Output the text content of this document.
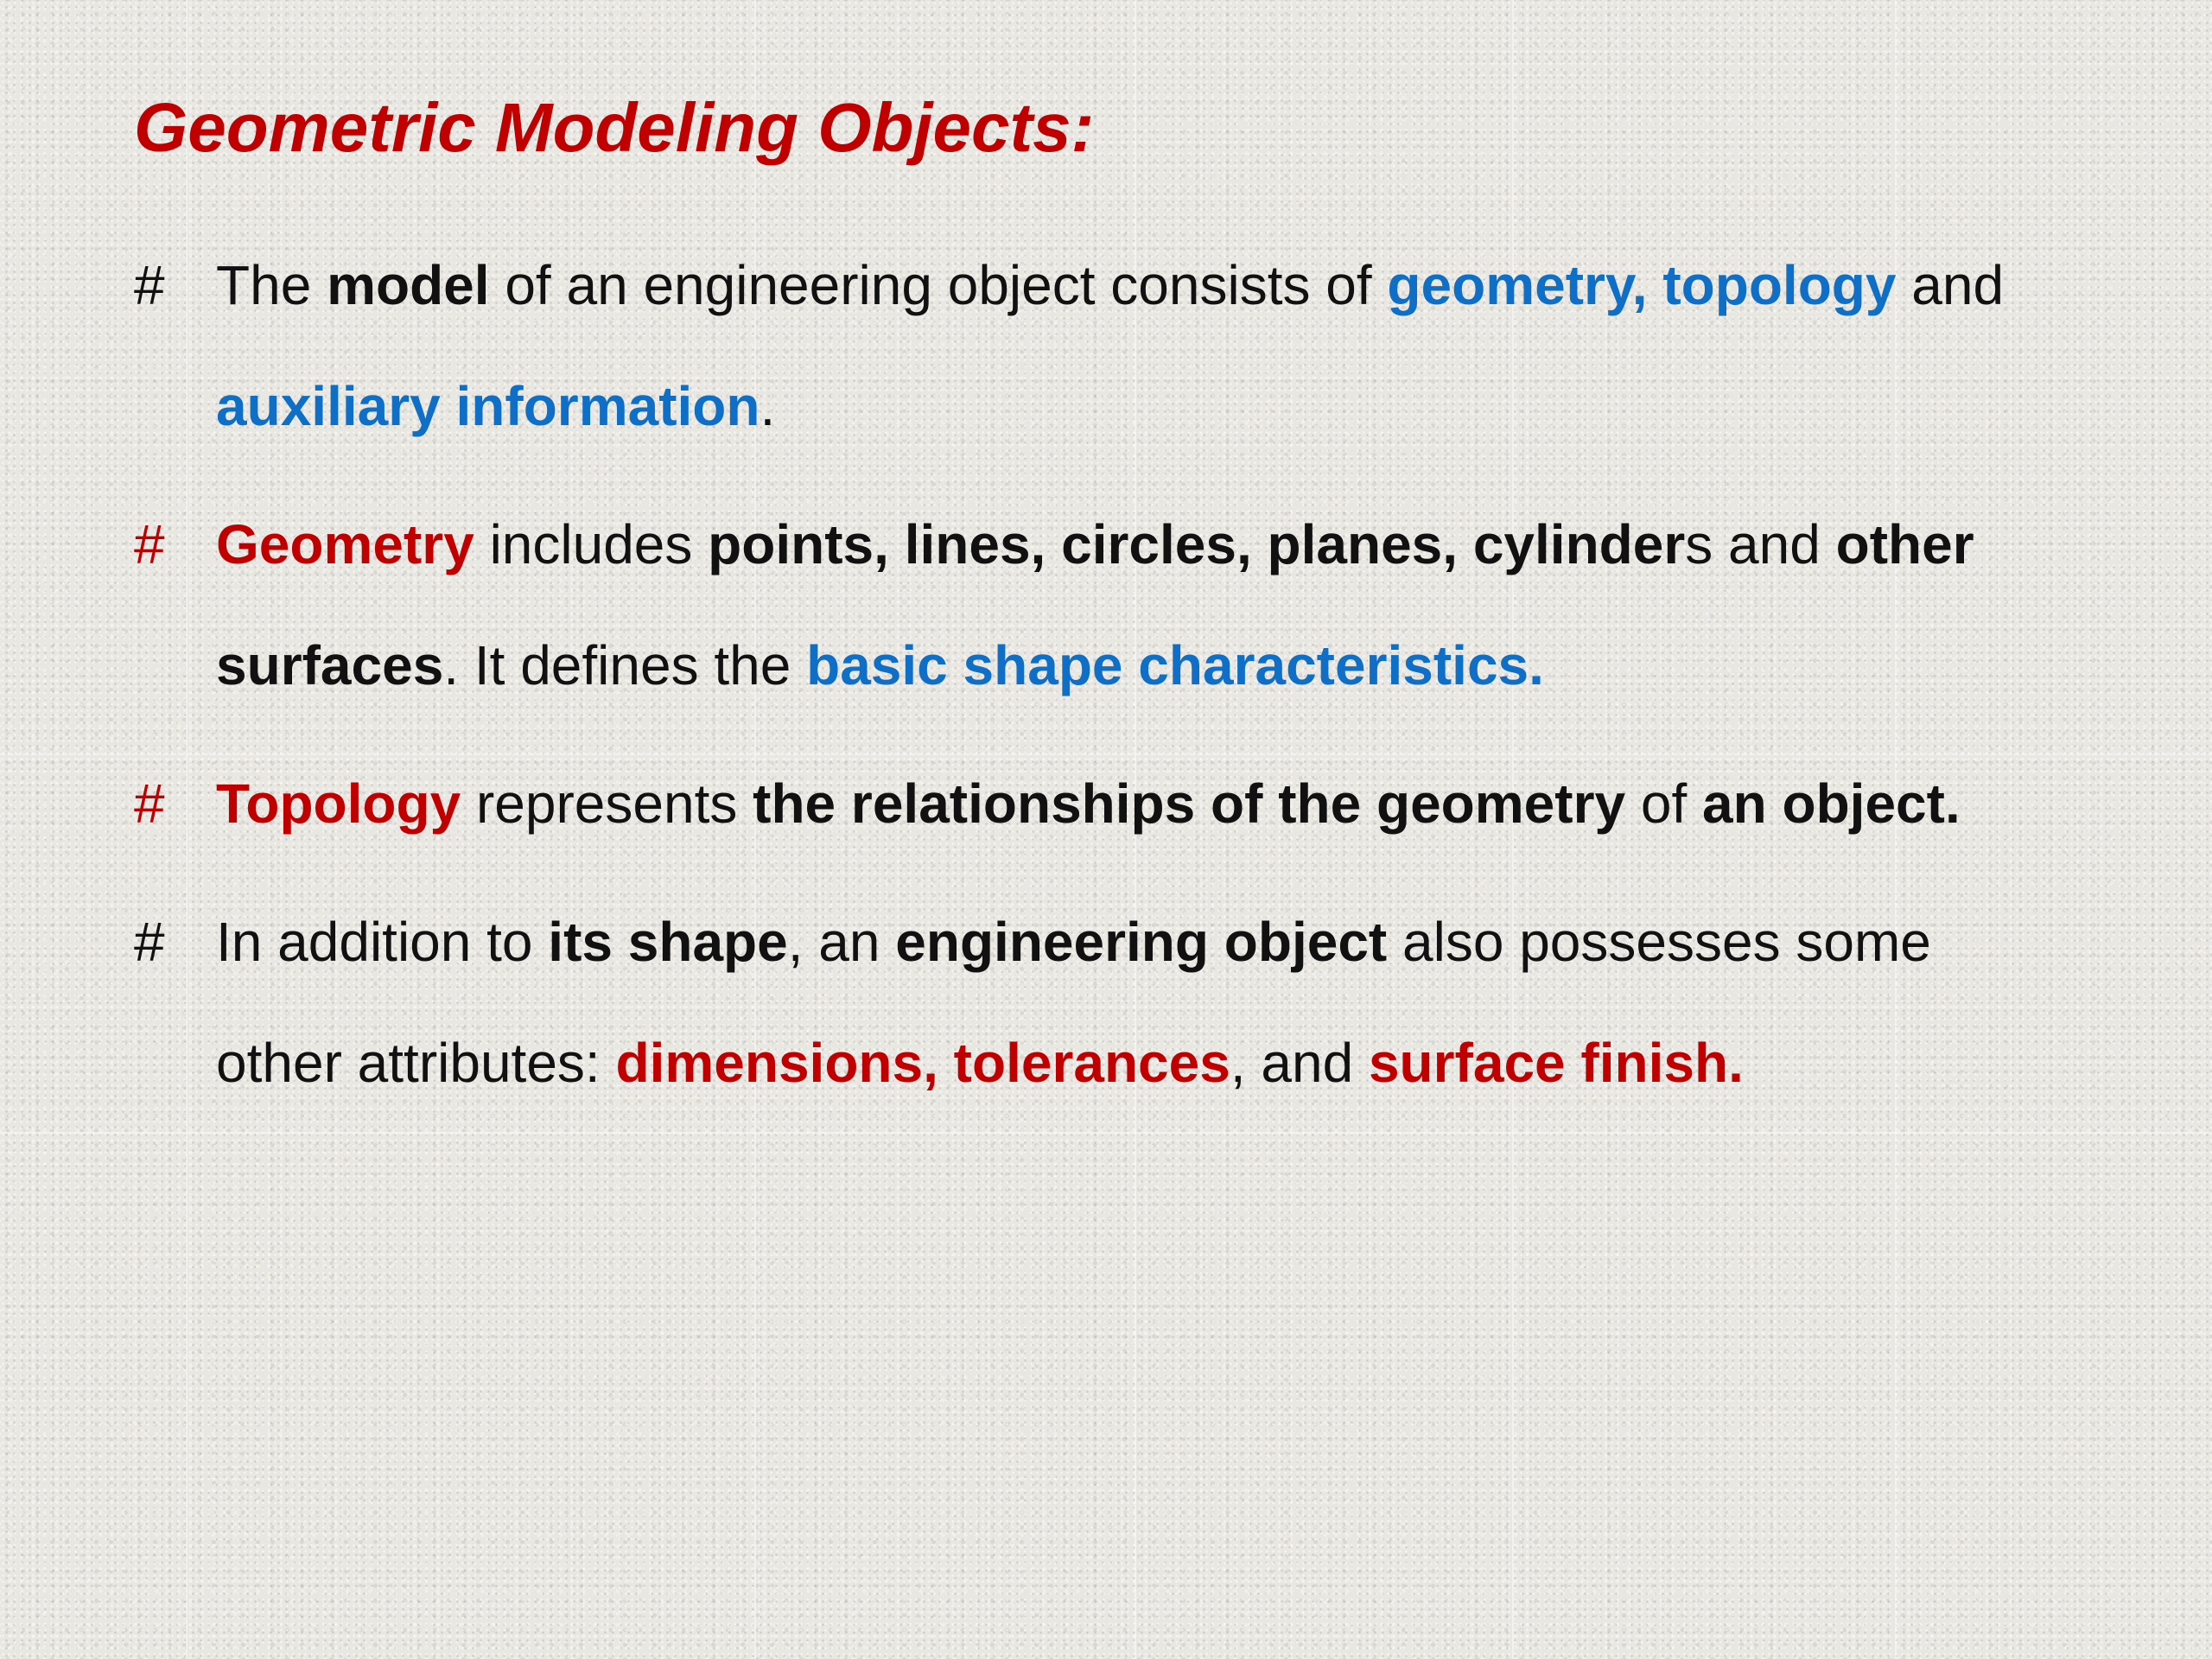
Geometric Modeling Objects:
# The model of an engineering object consists of geometry, topology and
auxiliary information.

# Geometry includes points, lines, circles, planes, cylinders and other
surfaces. It defines the basic shape characteristics.

# Topology represents the relationships of the geometry of an object.

# In addition to its shape, an engineering object also possesses some
other attributes: dimensions, tolerances, and surface finish.
